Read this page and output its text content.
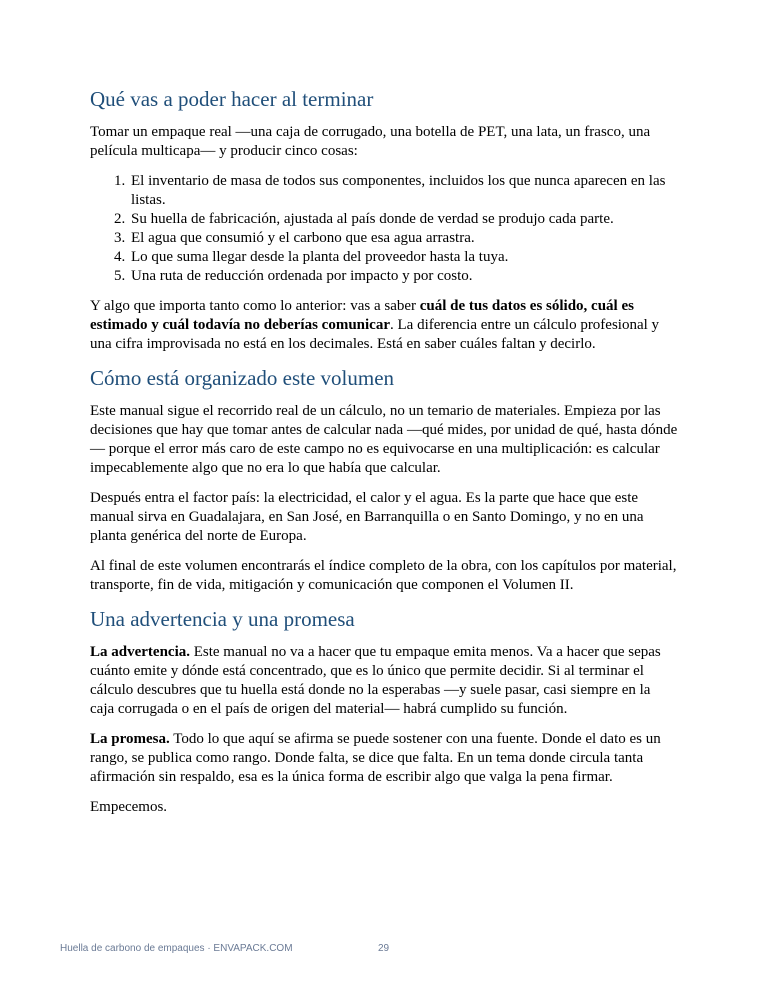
Qué vas a poder hacer al terminar

Tomar un empaque real —una caja de corrugado, una botella de PET, una lata, un frasco, una película multicapa— y producir cinco cosas:

1. El inventario de masa de todos sus componentes, incluidos los que nunca aparecen en las listas.
2. Su huella de fabricación, ajustada al país donde de verdad se produjo cada parte.
3. El agua que consumió y el carbono que esa agua arrastra.
4. Lo que suma llegar desde la planta del proveedor hasta la tuya.
5. Una ruta de reducción ordenada por impacto y por costo.

Y algo que importa tanto como lo anterior: vas a saber cuál de tus datos es sólido, cuál es estimado y cuál todavía no deberías comunicar. La diferencia entre un cálculo profesional y una cifra improvisada no está en los decimales. Está en saber cuáles faltan y decirlo.

Cómo está organizado este volumen

Este manual sigue el recorrido real de un cálculo, no un temario de materiales. Empieza por las decisiones que hay que tomar antes de calcular nada —qué mides, por unidad de qué, hasta dónde— porque el error más caro de este campo no es equivocarse en una multiplicación: es calcular impecablemente algo que no era lo que había que calcular.

Después entra el factor país: la electricidad, el calor y el agua. Es la parte que hace que este manual sirva en Guadalajara, en San José, en Barranquilla o en Santo Domingo, y no en una planta genérica del norte de Europa.

Al final de este volumen encontrarás el índice completo de la obra, con los capítulos por material, transporte, fin de vida, mitigación y comunicación que componen el Volumen II.

Una advertencia y una promesa

La advertencia. Este manual no va a hacer que tu empaque emita menos. Va a hacer que sepas cuánto emite y dónde está concentrado, que es lo único que permite decidir. Si al terminar el cálculo descubres que tu huella está donde no la esperabas —y suele pasar, casi siempre en la caja corrugada o en el país de origen del material— habrá cumplido su función.

La promesa. Todo lo que aquí se afirma se puede sostener con una fuente. Donde el dato es un rango, se publica como rango. Donde falta, se dice que falta. En un tema donde circula tanta afirmación sin respaldo, esa es la única forma de escribir algo que valga la pena firmar.

Empecemos.

Huella de carbono de empaques · ENVAPACK.COM	29
